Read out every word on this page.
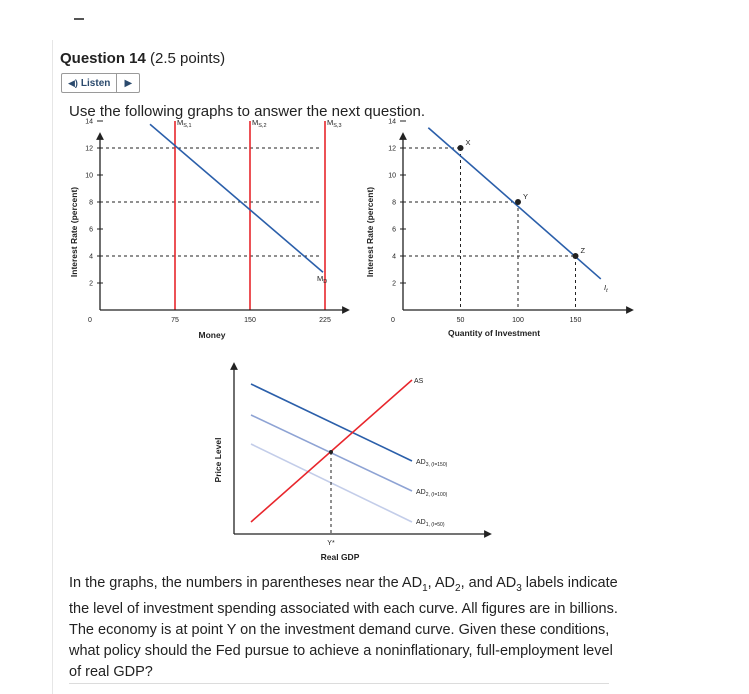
Question 14 (2.5 points)
◀) Listen ▶
Use the following graphs to answer the next question.
Interest Rate (percent)
0
Money
2
4
6
8
10
12
14
75	150	225
$M_{S,1}$	$M_{S,2}$	$M_{S,3}$
$M_D$
Interest Rate (percent)
0
Quantity of Investment
2
4
6
8
10
12
14
50	100	150
$I_t$
X
Y
Z
Price Level
AS
$AD_{3, (I=150)}$
$AD_{2, (I=100)}$
$AD_{1, (I=50)}$
Y*
Real GDP
In the graphs, the numbers in parentheses near the $AD_1$, $AD_2$, and $AD_3$ labels indicate the level of investment spending associated with each curve. All figures are in billions. The economy is at point Y on the investment demand curve. Given these conditions, what policy should the Fed pursue to achieve a noninflationary, full-employment level of real GDP?
